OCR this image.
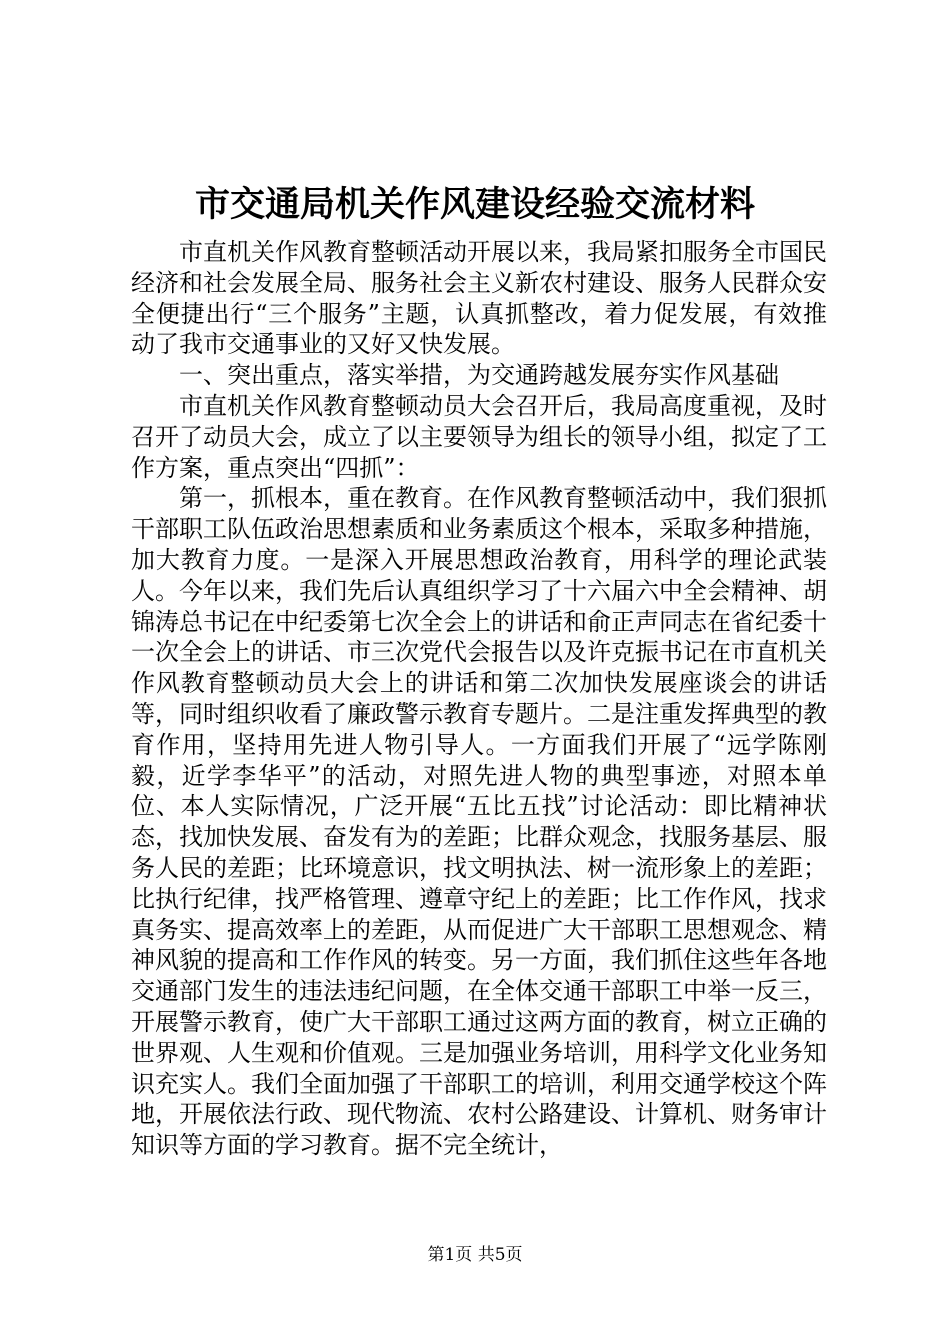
市交通局机关作风建设经验交流材料

市直机关作风教育整顿活动开展以来，我局紧扣服务全市国民经济和社会发展全局、服务社会主义新农村建设、服务人民群众安全便捷出行“三个服务”主题，认真抓整改，着力促发展，有效推动了我市交通事业的又好又快发展。

一、突出重点，落实举措，为交通跨越发展夯实作风基础

市直机关作风教育整顿动员大会召开后，我局高度重视，及时召开了动员大会，成立了以主要领导为组长的领导小组，拟定了工作方案，重点突出“四抓”：

第一，抓根本，重在教育。在作风教育整顿活动中，我们狠抓干部职工队伍政治思想素质和业务素质这个根本，采取多种措施，加大教育力度。一是深入开展思想政治教育，用科学的理论武装人。今年以来，我们先后认真组织学习了十六届六中全会精神、胡锦涛总书记在中纪委第七次全会上的讲话和俞正声同志在省纪委十一次全会上的讲话、市三次党代会报告以及许克振书记在市直机关作风教育整顿动员大会上的讲话和第二次加快发展座谈会的讲话等，同时组织收看了廉政警示教育专题片。二是注重发挥典型的教育作用，坚持用先进人物引导人。一方面我们开展了“远学陈刚毅，近学李华平”的活动，对照先进人物的典型事迹，对照本单位、本人实际情况，广泛开展“五比五找”讨论活动：即比精神状态，找加快发展、奋发有为的差距；比群众观念，找服务基层、服务人民的差距；比环境意识，找文明执法、树一流形象上的差距；比执行纪律，找严格管理、遵章守纪上的差距；比工作作风，找求真务实、提高效率上的差距，从而促进广大干部职工思想观念、精神风貌的提高和工作作风的转变。另一方面，我们抓住这些年各地交通部门发生的违法违纪问题，在全体交通干部职工中举一反三，开展警示教育，使广大干部职工通过这两方面的教育，树立正确的世界观、人生观和价值观。三是加强业务培训，用科学文化业务知识充实人。我们全面加强了干部职工的培训，利用交通学校这个阵地，开展依法行政、现代物流、农村公路建设、计算机、财务审计知识等方面的学习教育。据不完全统计，

第1页 共5页
